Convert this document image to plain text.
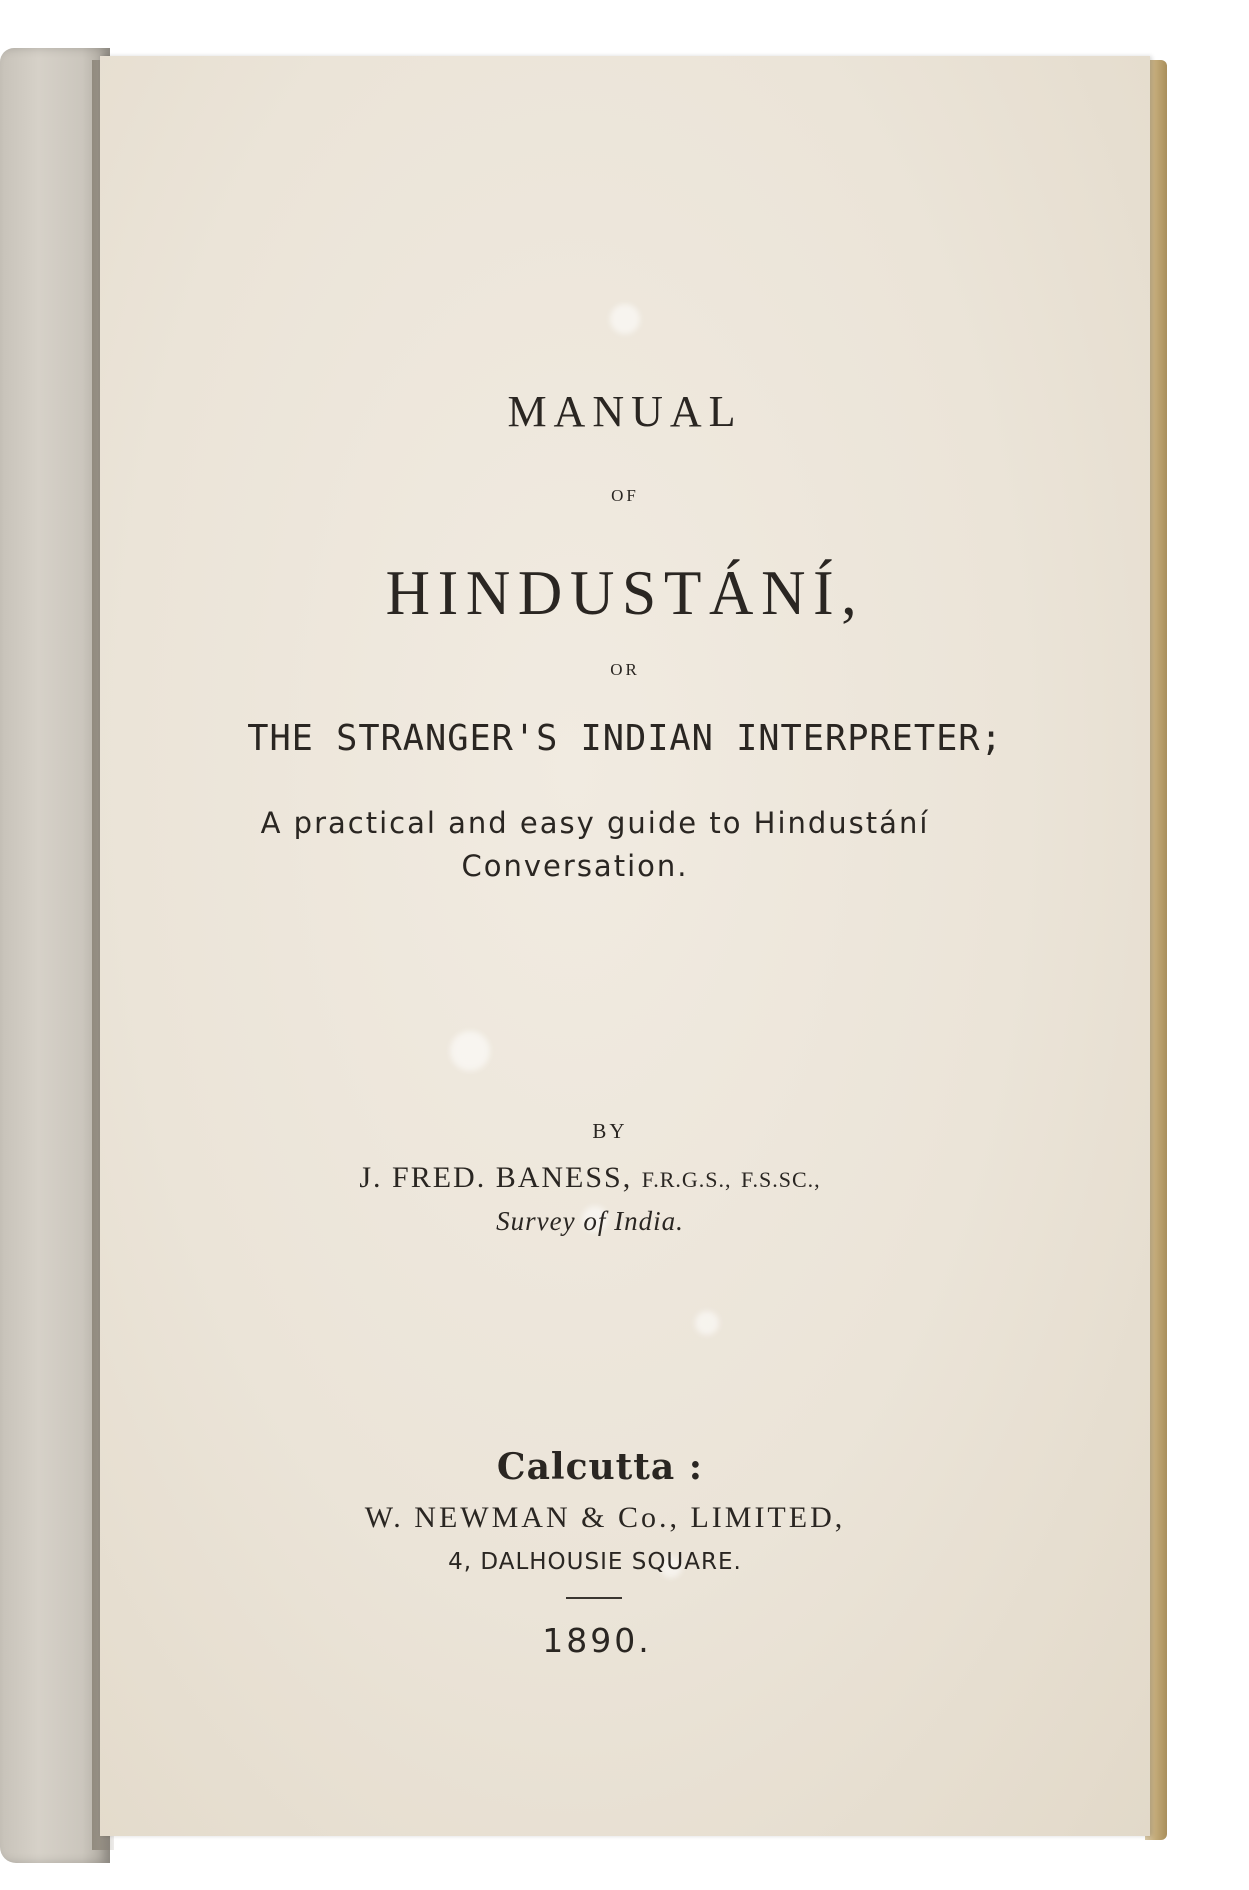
MANUAL
OF
HINDUSTÁNÍ,
OR
THE STRANGER'S INDIAN INTERPRETER;
A practical and easy guide to Hindustání
Conversation.
BY
J. FRED. BANESS, F.R.G.S., F.S.SC.,
Survey of India.
Calcutta :
W. NEWMAN & Co., LIMITED,
4, DALHOUSIE SQUARE.
1890.
